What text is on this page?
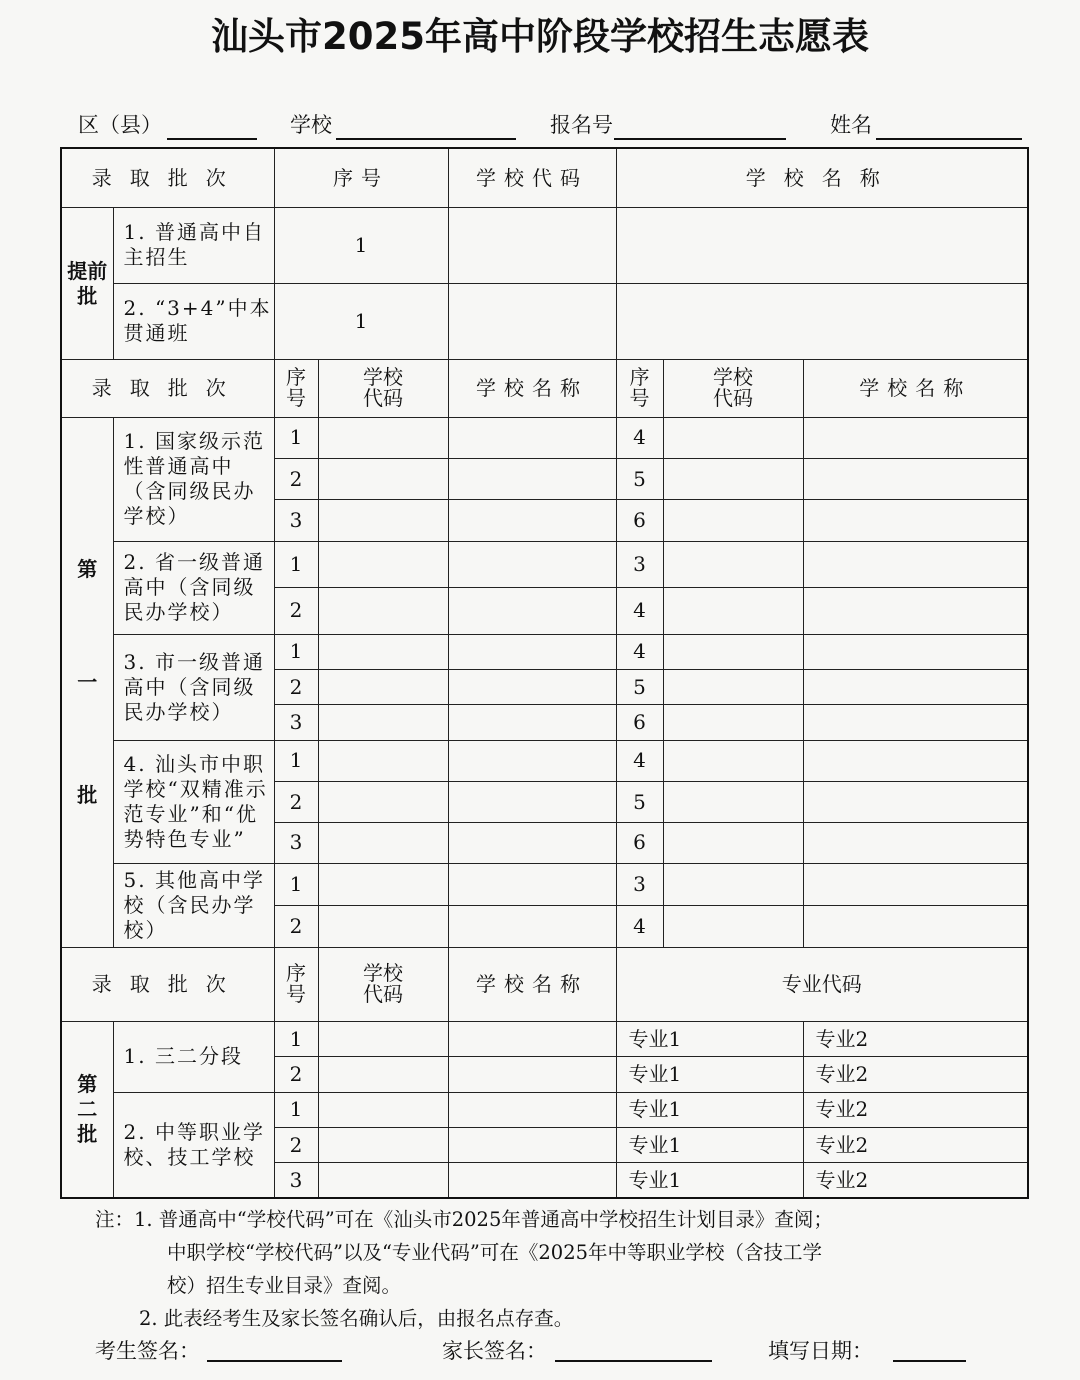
汕头市2025年高中阶段学校招生志愿表
区（县）	学校	报名号	姓名
录取批次		序号		学校代码	学校名称		
提前批	1. 普通高中自主招生	1					
	2. “3+4”中本贯通班	1					
录取批次		序号	学校代码	学校名称	序号	学校代码	学校名称

第
一
批	1. 国家级示范性普通高中（含同级民办学校）	1			4		
		2			5		
		3			6		
	2. 省一级普通高中（含同级民办学校）	1			3		
		2			4		
	3. 市一级普通高中（含同级民办学校）	1			4		
		2			5		
		3			6		
	4. 汕头市中职学校“双精准示范专业”和“优势特色专业”	1			4		
		2			5		
		3			6		
	5. 其他高中学校（含民办学校）	1			3		
		2			4		
录取批次		序号	学校代码	学校名称	专业代码		

第
二
批	1. 三二分段	1			专业1		专业2
		2			专业1		专业2
	2. 中等职业学校、技工学校	1			专业1		专业2
		2			专业1		专业2
		3			专业1		专业2
注：1. 普通高中“学校代码”可在《汕头市2025年普通高中学校招生计划目录》查阅；
中职学校“学校代码”以及“专业代码”可在《2025年中等职业学校（含技工学
校）招生专业目录》查阅。
2. 此表经考生及家长签名确认后，由报名点存查。
考生签名：	家长签名：	填写日期：
